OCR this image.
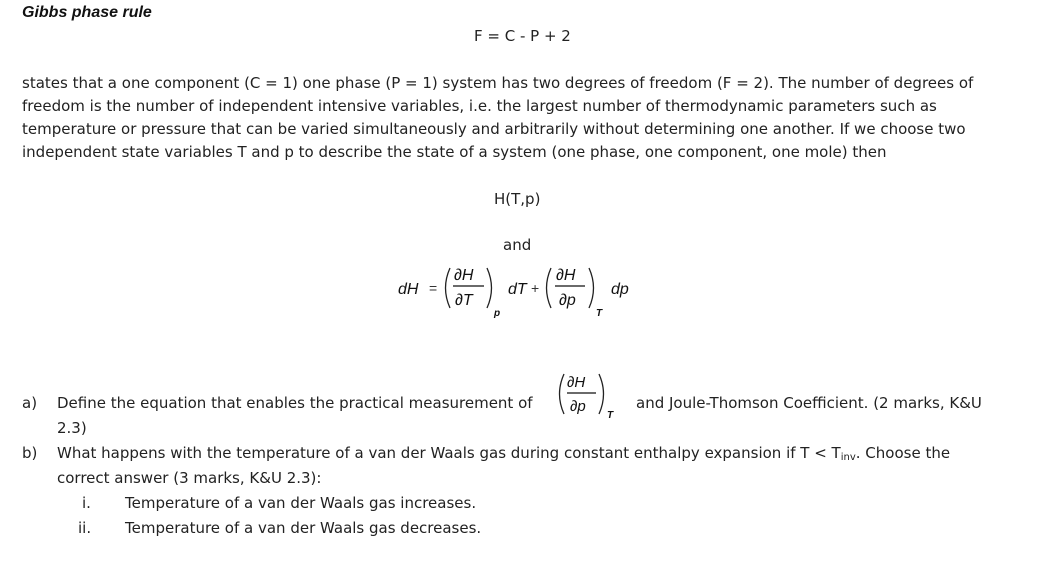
Gibbs phase rule
F = C - P + 2
states that a one component (C = 1) one phase (P = 1) system has two degrees of freedom (F = 2). The number of degrees of
freedom is the number of independent intensive variables, i.e. the largest number of thermodynamic parameters such as
temperature or pressure that can be varied simultaneously and arbitrarily without determining one another. If we choose two
independent state variables T and p to describe the state of a system (one phase, one component, one mole) then
H(T,p)
and
dH =
∂H
∂T
p
dT +
∂H
∂p
T
dp
a) Define the equation that enables the practical measurement of
∂H
∂p
T
and Joule-Thomson Coefficient. (2 marks, K&U
2.3)
b) What happens with the temperature of a van der Waals gas during constant enthalpy expansion if $T < T_{inv}$. Choose the
correct answer (3 marks, K&U 2.3):
i. Temperature of a van der Waals gas increases.
ii. Temperature of a van der Waals gas decreases.
